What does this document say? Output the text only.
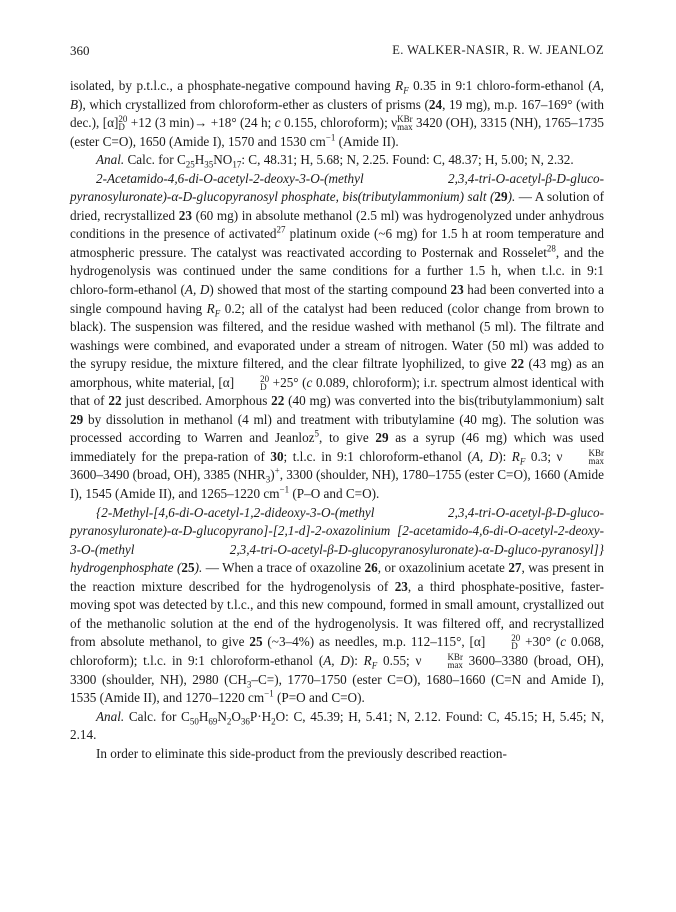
360	E. WALKER-NASIR, R. W. JEANLOZ

isolated, by p.t.l.c., a phosphate-negative compound having $R_F$ 0.35 in 9:1 chloro-form-ethanol (A, B), which crystallized from chloroform-ether as clusters of prisms (24, 19 mg), m.p. 167–169° (with dec.), [α] 20
D +12 (3 min)→ +18° (24 h; c 0.155, chloroform); ν KBr
max 3420 (OH), 3315 (NH), 1765–1735 (ester C=O), 1650 (Amide I), 1570 and 1530 $cm^{-1}$ (Amide II).

Anal. Calc. for $C_{25}H_{35}NO_{17}$: C, 48.31; H, 5.68; N, 2.25. Found: C, 48.37; H, 5.00; N, 2.32.

2-Acetamido-4,6-di-O-acetyl-2-deoxy-3-O-(methyl 2,3,4-tri-O-acetyl-β-D-gluco-pyranosyluronate)-α-D-glucopyranosyl phosphate, bis(tributylammonium) salt (29). — A solution of dried, recrystallized 23 (60 mg) in absolute methanol (2.5 ml) was hydrogenolyzed under anhydrous conditions in the presence of activated$^{27}$ platinum oxide (~6 mg) for 1.5 h at room temperature and atmospheric pressure. The catalyst was reactivated according to Posternak and Rosselet$^{28}$, and the hydrogenolysis was continued under the same conditions for a further 1.5 h, when t.l.c. in 9:1 chloro-form-ethanol (A, D) showed that most of the starting compound 23 had been converted into a single compound having $R_F$ 0.2; all of the catalyst had been reduced (color change from brown to black). The suspension was filtered, and the residue washed with methanol (5 ml). The filtrate and washings were combined, and evaporated under a stream of nitrogen. Water (50 ml) was added to the syrupy residue, the mixture filtered, and the clear filtrate lyophilized, to give 22 (43 mg) as an amorphous, white material, [α]	20
D +25° (c 0.089, chloroform); i.r. spectrum almost identical with that of 22 just described. Amorphous 22 (40 mg) was converted into the bis(tributylammonium) salt 29 by dissolution in methanol (4 ml) and treatment with tributylamine (40 mg). The solution was processed according to Warren and Jeanloz$^5$, to give 29 as a syrup (46 mg) which was used immediately for the prepa-ration of 30; t.l.c. in 9:1 chloroform-ethanol (A, D): $R_F$ 0.3; ν	KBr
max
3600–3490 (broad, OH), 3385 $(NHR_3)^+$, 3300 (shoulder, NH), 1780–1755 (ester C=O), 1660 (Amide I), 1545 (Amide II), and 1265–1220 $cm^{-1}$ (P–O and C=O).

{2-Methyl-[4,6-di-O-acetyl-1,2-dideoxy-3-O-(methyl 2,3,4-tri-O-acetyl-β-D-gluco-pyranosyluronate)-α-D-glucopyrano]-[2,1-d]-2-oxazolinium [2-acetamido-4,6-di-O-acetyl-2-deoxy-3-O-(methyl 2,3,4-tri-O-acetyl-β-D-glucopyranosyluronate)-α-D-gluco-pyranosyl]} hydrogenphosphate (25). — When a trace of oxazoline 26, or oxazolinium acetate 27, was present in the reaction mixture described for the hydrogenolysis of 23, a third phosphate-positive, faster-moving spot was detected by t.l.c., and this new compound, formed in small amount, crystallized out of the methanolic solution at the end of the hydrogenolysis. It was filtered off, and recrystallized from absolute methanol, to give 25 (~3–4%) as needles, m.p. 112–115°, [α]	20
D +30° (c 0.068, chloroform); t.l.c. in 9:1 chloroform-ethanol (A, D): $R_F$ 0.55; ν	KBr
max 3600–3380 (broad, OH), 3300 (shoulder, NH), 2980 $(CH_3-C=)$, 1770–1750 (ester C=O), 1680–1660 (C=N and Amide I), 1535 (Amide II), and 1270–1220 $cm^{-1}$ (P=O and C=O).

Anal. Calc. for $C_{50}H_{69}N_2O_{36}P\cdot H_2O$: C, 45.39; H, 5.41; N, 2.12. Found: C, 45.15; H, 5.45; N, 2.14.

In order to eliminate this side-product from the previously described reaction-
